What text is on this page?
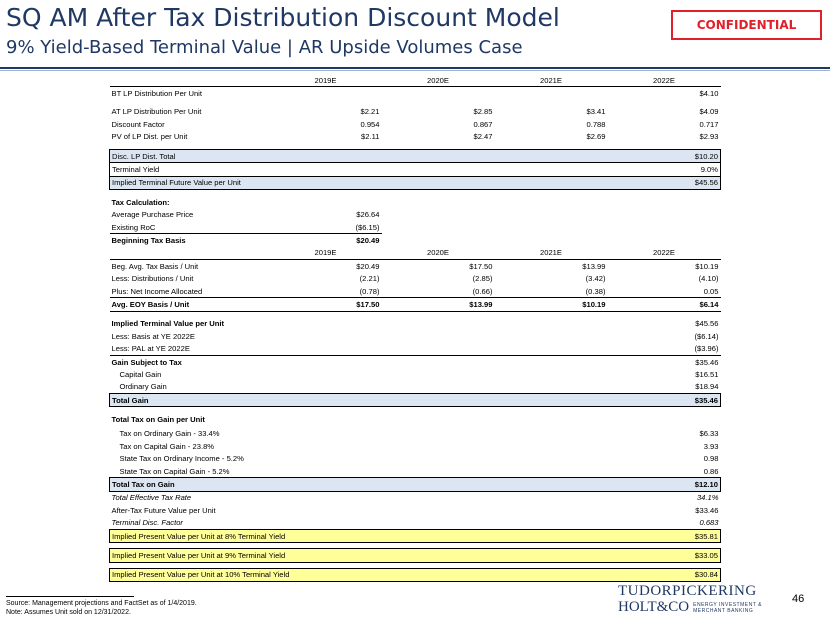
SQ AM After Tax Distribution Discount Model
9% Yield-Based Terminal Value | AR Upside Volumes Case
CONFIDENTIAL
	2019E	2020E	2021E	2022E
BT LP Distribution Per Unit				$4.10

AT LP Distribution Per Unit	$2.21	$2.85	$3.41	$4.09
Discount Factor	0.954	0.867	0.788	0.717
PV of LP Dist. per Unit	$2.11	$2.47	$2.69	$2.93

Disc. LP Dist. Total				$10.20
Terminal Yield				9.0%
Implied Terminal Future Value per Unit				$45.56

Tax Calculation:				
Average Purchase Price	$26.64			
Existing RoC	($6.15)			
Beginning Tax Basis	$20.49			
	2019E	2020E	2021E	2022E
Beg. Avg. Tax Basis / Unit	$20.49	$17.50	$13.99	$10.19
Less: Distributions / Unit	(2.21)	(2.85)	(3.42)	(4.10)
Plus: Net Income Allocated	(0.78)	(0.66)	(0.38)	0.05
Avg. EOY Basis / Unit	$17.50	$13.99	$10.19	$6.14

Implied Terminal Value per Unit				$45.56
Less: Basis at YE 2022E				($6.14)
Less: PAL at YE 2022E				($3.96)
Gain Subject to Tax				$35.46
Capital Gain				$16.51
Ordinary Gain				$18.94
Total Gain				$35.46

Total Tax on Gain per Unit				

Tax on Ordinary Gain - 33.4%				$6.33
Tax on Capital Gain - 23.8%				3.93
State Tax on Ordinary Income - 5.2%				0.98
State Tax on Capital Gain - 5.2%				0.86
Total Tax on Gain				$12.10
Total Effective Tax Rate				34.1%
After-Tax Future Value per Unit				$33.46
Terminal Disc. Factor				0.683
Implied Present Value per Unit at 8% Terminal Yield				$35.81

Implied Present Value per Unit at 9% Terminal Yield				$33.05

Implied Present Value per Unit at 10% Terminal Yield				$30.84
Source: Management projections and FactSet as of 1/4/2019.
Note: Assumes Unit sold on 12/31/2022.
TUDORPICKERING
HOLT&CO ENERGY INVESTMENT &
MERCHANT BANKING
46
